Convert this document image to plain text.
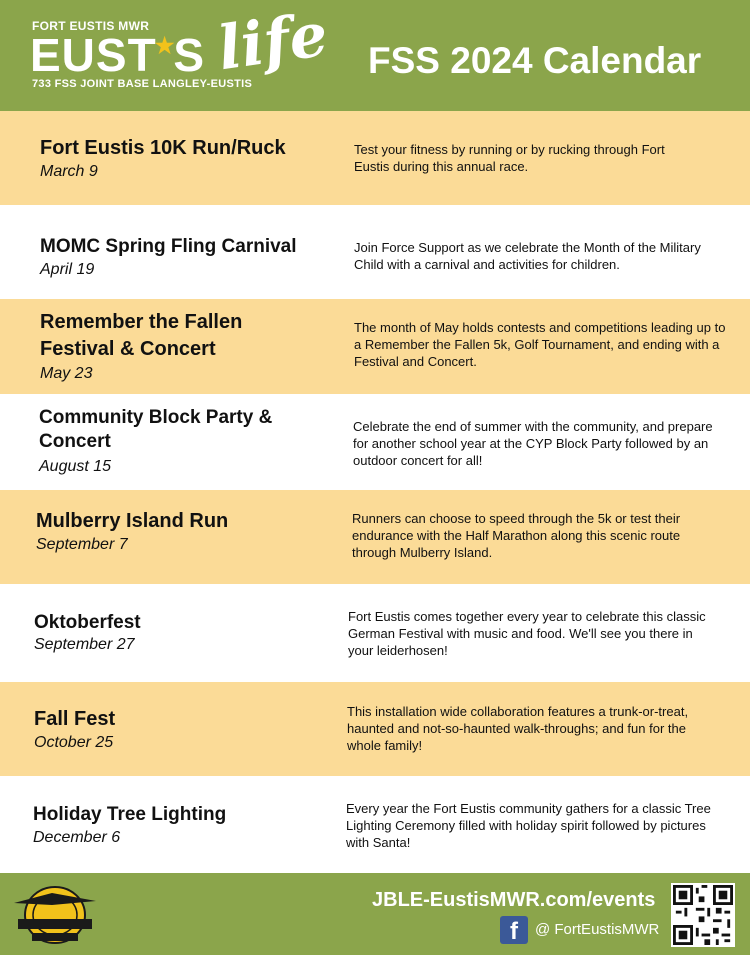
FORT EUSTIS MWR
EUST★S life
733 FSS JOINT BASE LANGLEY-EUSTIS
FSS 2024 Calendar
Fort Eustis 10K Run/Ruck
March 9
Test your fitness by running or by rucking through Fort Eustis during this annual race.
MOMC Spring Fling Carnival
April 19
Join Force Support as we celebrate the Month of the Military Child with a carnival and activities for children.
Remember the Fallen Festival & Concert
May 23
The month of May holds contests and competitions leading up to a Remember the Fallen 5k, Golf Tournament, and ending with a Festival and Concert.
Community Block Party & Concert
August 15
Celebrate the end of summer with the community, and prepare for another school year at the CYP Block Party followed by an outdoor concert for all!
Mulberry Island Run
September 7
Runners can choose to speed through the 5k or test their endurance with the Half Marathon along this scenic route through Mulberry Island.
Oktoberfest
September 27
Fort Eustis comes together every year to celebrate this classic German Festival with music and food. We'll see you there in your leiderhosen!
Fall Fest
October 25
This installation wide collaboration features a trunk-or-treat, haunted and not-so-haunted walk-throughs; and fun for the whole family!
Holiday Tree Lighting
December 6
Every year the Fort Eustis community gathers for a classic Tree Lighting Ceremony filled with holiday spirit followed by pictures with Santa!
JBLE-EustisMWR.com/events
f	@ FortEustisMWR
